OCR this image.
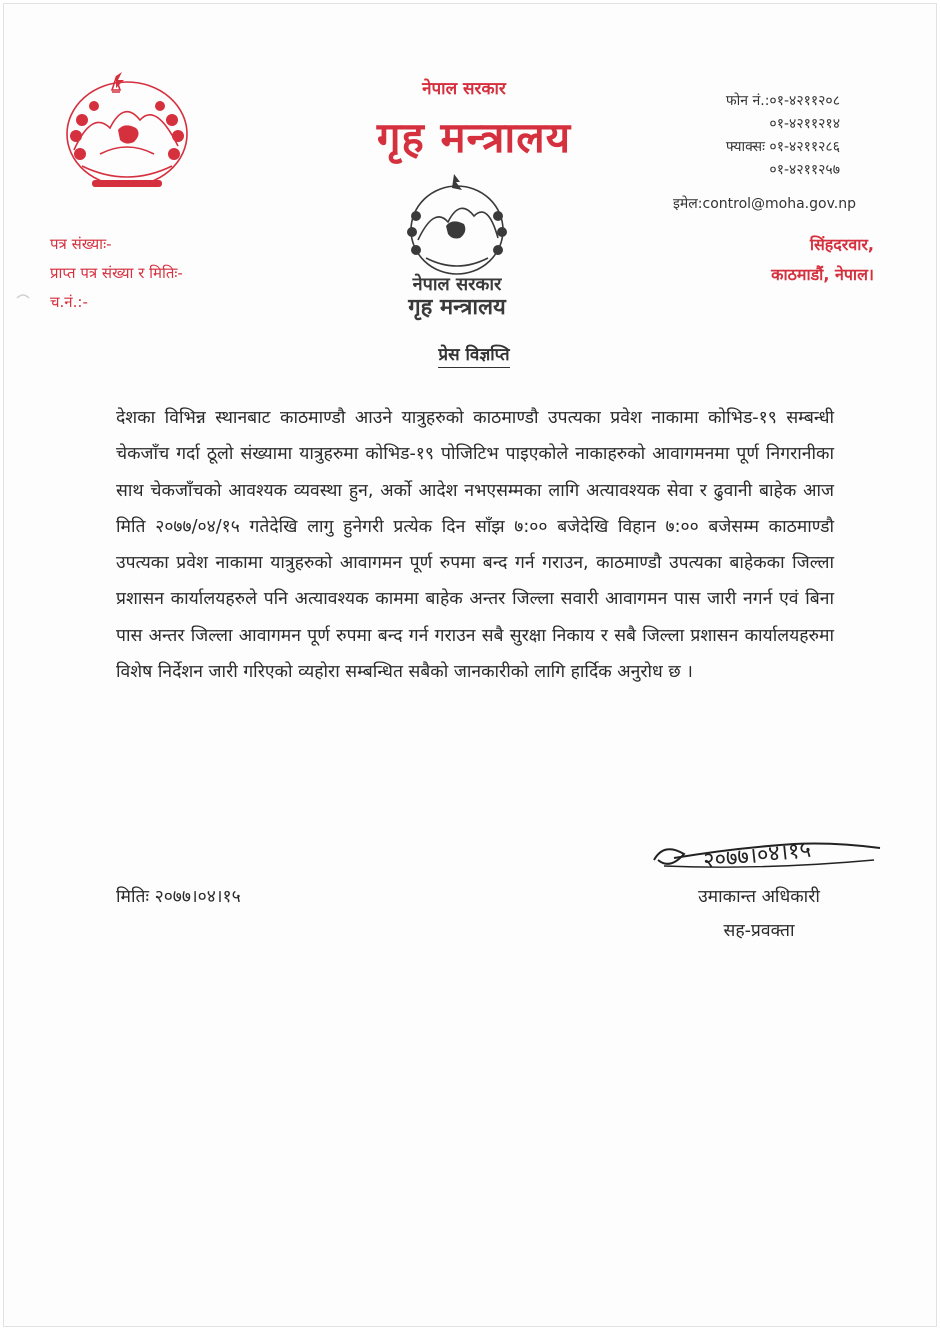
नेपाल सरकार
गृह मन्त्रालय
फोन नं.:०१-४२११२०८
०१-४२११२१४
फ्याक्सः ०१-४२११२८६
०१-४२११२५७
इमेल:control@moha.gov.np
पत्र संख्याः-
प्राप्त पत्र संख्या र मितिः-
च.नं.:-
सिंहदरवार,
काठमाडौं, नेपाल।
नेपाल सरकार
गृह मन्त्रालय
प्रेस विज्ञप्ति
देशका विभिन्न स्थानबाट काठमाण्डौ आउने यात्रुहरुको काठमाण्डौ उपत्यका प्रवेश नाकामा कोभिड-१९ सम्बन्धी चेकजाँच गर्दा ठूलो संख्यामा यात्रुहरुमा कोभिड-१९ पोजिटिभ पाइएकोले नाकाहरुको आवागमनमा पूर्ण निगरानीका साथ चेकजाँचको आवश्यक व्यवस्था हुन, अर्को आदेश नभएसम्मका लागि अत्यावश्यक सेवा र ढुवानी बाहेक आज मिति २०७७/०४/१५ गतेदेखि लागु हुनेगरी प्रत्येक दिन साँझ ७:०० बजेदेखि विहान ७:०० बजेसम्म काठमाण्डौ उपत्यका प्रवेश नाकामा यात्रुहरुको आवागमन पूर्ण रुपमा बन्द गर्न गराउन, काठमाण्डौ उपत्यका बाहेकका जिल्ला प्रशासन कार्यालयहरुले पनि अत्यावश्यक काममा बाहेक अन्तर जिल्ला सवारी आवागमन पास जारी नगर्न एवं बिना पास अन्तर जिल्ला आवागमन पूर्ण रुपमा बन्द गर्न गराउन सबै सुरक्षा निकाय र सबै जिल्ला प्रशासन कार्यालयहरुमा विशेष निर्देशन जारी गरिएको व्यहोरा सम्बन्धित सबैको जानकारीको लागि हार्दिक अनुरोध छ ।
मितिः २०७७।०४।१५
२०७७।०४।१५
उमाकान्त अधिकारी
सह-प्रवक्ता
